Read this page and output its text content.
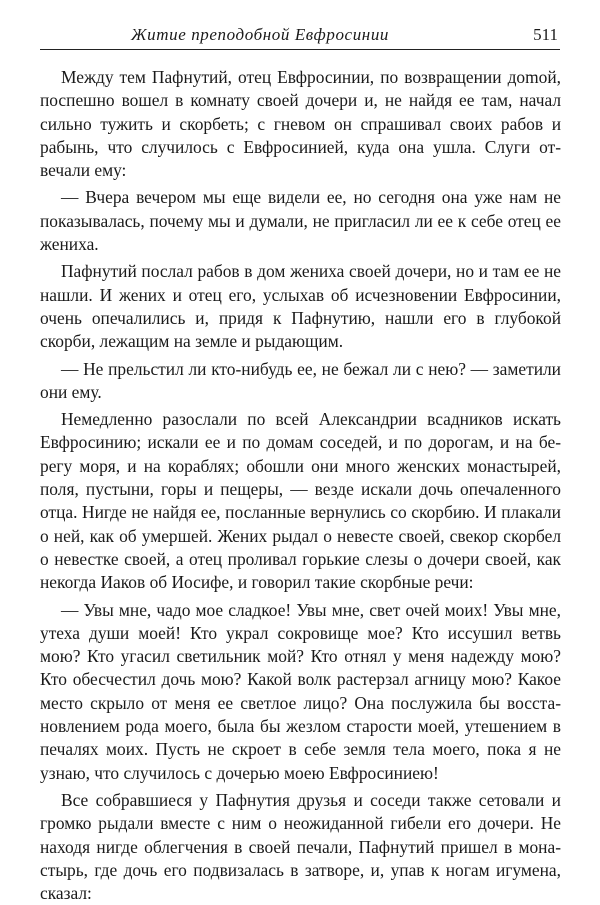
Житие преподобной Евфросинии	511

Между тем Пафнутий, отец Евфросинии, по возвращении доmой, поспешно вошел в комнату своей дочери и, не найдя ее там, начал сильно тужить и скорбеть; с гневом он спрашивал своих рабов и рабынь, что случилось с Евфросинией, куда она ушла. Слуги отвечали ему:

— Вчера вечером мы еще видели ее, но сегодня она уже нам не показывалась, почему мы и думали, не пригласил ли ее к себе отец ее жениха.

Пафнутий послал рабов в дом жениха своей дочери, но и там ее не нашли. И жених и отец его, услыхав об исчезновении Евфросинии, очень опечалились и, придя к Пафнутию, нашли его в глубокой скорби, лежащим на земле и рыдающим.

— Не прельстил ли кто-нибудь ее, не бежал ли с нею? — заметили они ему.

Немедленно разослали по всей Александрии всадников искать Евфросинию; искали ее и по домам соседей, и по дорогам, и на берегу моря, и на кораблях; обошли они много женских монастырей, поля, пустыни, горы и пещеры, — везде искали дочь опечаленного отца. Нигде не найдя ее, посланные вернулись со скорбию. И плакали о ней, как об умершей. Жених рыдал о невесте своей, свекор скорбел о невестке своей, а отец проливал горькие слезы о дочери своей, как некогда Иаков об Иосифе, и говорил такие скорбные речи:

— Увы мне, чадо мое сладкое! Увы мне, свет очей моих! Увы мне, утеха души моей! Кто украл сокровище мое? Кто иссушил ветвь мою? Кто угасил светильник мой? Кто отнял у меня надежду мою? Кто обесчестил дочь мою? Какой волк растерзал агницу мою? Какое место скрыло от меня ее светлое лицо? Она послужила бы восстановлением рода моего, была бы жезлом старости моей, утешением в печалях моих. Пусть не скроет в себе земля тела моего, пока я не узнаю, что случилось с дочерью моею Евфросиниею!

Все собравшиеся у Пафнутия друзья и соседи также сетовали и громко рыдали вместе с ним о неожиданной гибели его дочери. Не находя нигде облегчения в своей печали, Пафнутий пришел в монастырь, где дочь его подвизалась в затворе, и, упав к ногам игумена, сказал:
